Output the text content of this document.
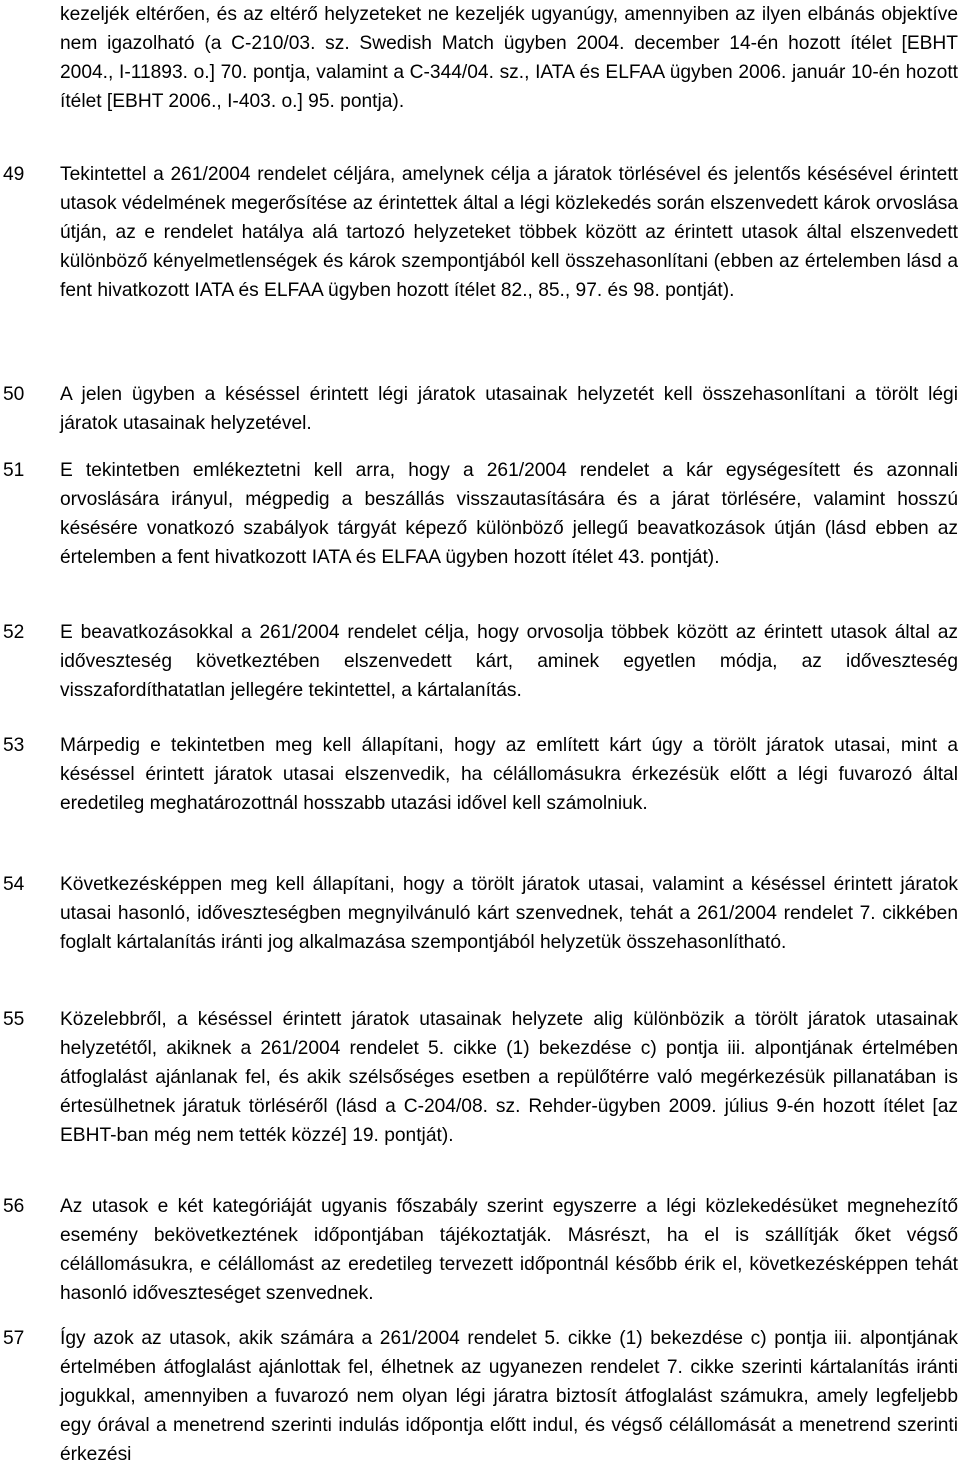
kezeljék eltérően, és az eltérő helyzeteket ne kezeljék ugyanúgy, amennyiben az ilyen elbánás objektíve nem igazolható (a C-210/03. sz. Swedish Match ügyben 2004. december 14-én hozott ítélet [EBHT 2004., I-11893. o.] 70. pontja, valamint a C-344/04. sz., IATA és ELFAA ügyben 2006. január 10-én hozott ítélet [EBHT 2006., I-403. o.] 95. pontja).

49 Tekintettel a 261/2004 rendelet céljára, amelynek célja a járatok törlésével és jelentős késésével érintett utasok védelmének megerősítése az érintettek által a légi közlekedés során elszenvedett károk orvoslása útján, az e rendelet hatálya alá tartozó helyzeteket többek között az érintett utasok által elszenvedett különböző kényelmetlenségek és károk szempontjából kell összehasonlítani (ebben az értelemben lásd a fent hivatkozott IATA és ELFAA ügyben hozott ítélet 82., 85., 97. és 98. pontját).

50 A jelen ügyben a késéssel érintett légi járatok utasainak helyzetét kell összehasonlítani a törölt légi járatok utasainak helyzetével.

51 E tekintetben emlékeztetni kell arra, hogy a 261/2004 rendelet a kár egységesített és azonnali orvoslására irányul, mégpedig a beszállás visszautasítására és a járat törlésére, valamint hosszú késésére vonatkozó szabályok tárgyát képező különböző jellegű beavatkozások útján (lásd ebben az értelemben a fent hivatkozott IATA és ELFAA ügyben hozott ítélet 43. pontját).

52 E beavatkozásokkal a 261/2004 rendelet célja, hogy orvosolja többek között az érintett utasok által az időveszteség következtében elszenvedett kárt, aminek egyetlen módja, az időveszteség visszafordíthatatlan jellegére tekintettel, a kártalanítás.

53 Márpedig e tekintetben meg kell állapítani, hogy az említett kárt úgy a törölt járatok utasai, mint a késéssel érintett járatok utasai elszenvedik, ha célállomásukra érkezésük előtt a légi fuvarozó által eredetileg meghatározottnál hosszabb utazási idővel kell számolniuk.

54 Következésképpen meg kell állapítani, hogy a törölt járatok utasai, valamint a késéssel érintett járatok utasai hasonló, időveszteségben megnyilvánuló kárt szenvednek, tehát a 261/2004 rendelet 7. cikkében foglalt kártalanítás iránti jog alkalmazása szempontjából helyzetük összehasonlítható.

55 Közelebbről, a késéssel érintett járatok utasainak helyzete alig különbözik a törölt járatok utasainak helyzetétől, akiknek a 261/2004 rendelet 5. cikke (1) bekezdése c) pontja iii. alpontjának értelmében átfoglalást ajánlanak fel, és akik szélsőséges esetben a repülőtérre való megérkezésük pillanatában is értesülhetnek járatuk törléséről (lásd a C-204/08. sz. Rehder-ügyben 2009. július 9-én hozott ítélet [az EBHT-ban még nem tették közzé] 19. pontját).

56 Az utasok e két kategóriáját ugyanis főszabály szerint egyszerre a légi közlekedésüket megnehezítő esemény bekövetkeztének időpontjában tájékoztatják. Másrészt, ha el is szállítják őket végső célállomásukra, e célállomást az eredetileg tervezett időpontnál később érik el, következésképpen tehát hasonló időveszteséget szenvednek.

57 Így azok az utasok, akik számára a 261/2004 rendelet 5. cikke (1) bekezdése c) pontja iii. alpontjának értelmében átfoglalást ajánlottak fel, élhetnek az ugyanezen rendelet 7. cikke szerinti kártalanítás iránti jogukkal, amennyiben a fuvarozó nem olyan légi járatra biztosít átfoglalást számukra, amely legfeljebb egy órával a menetrend szerinti indulás időpontja előtt indul, és végső célállomását a menetrend szerinti érkezési
